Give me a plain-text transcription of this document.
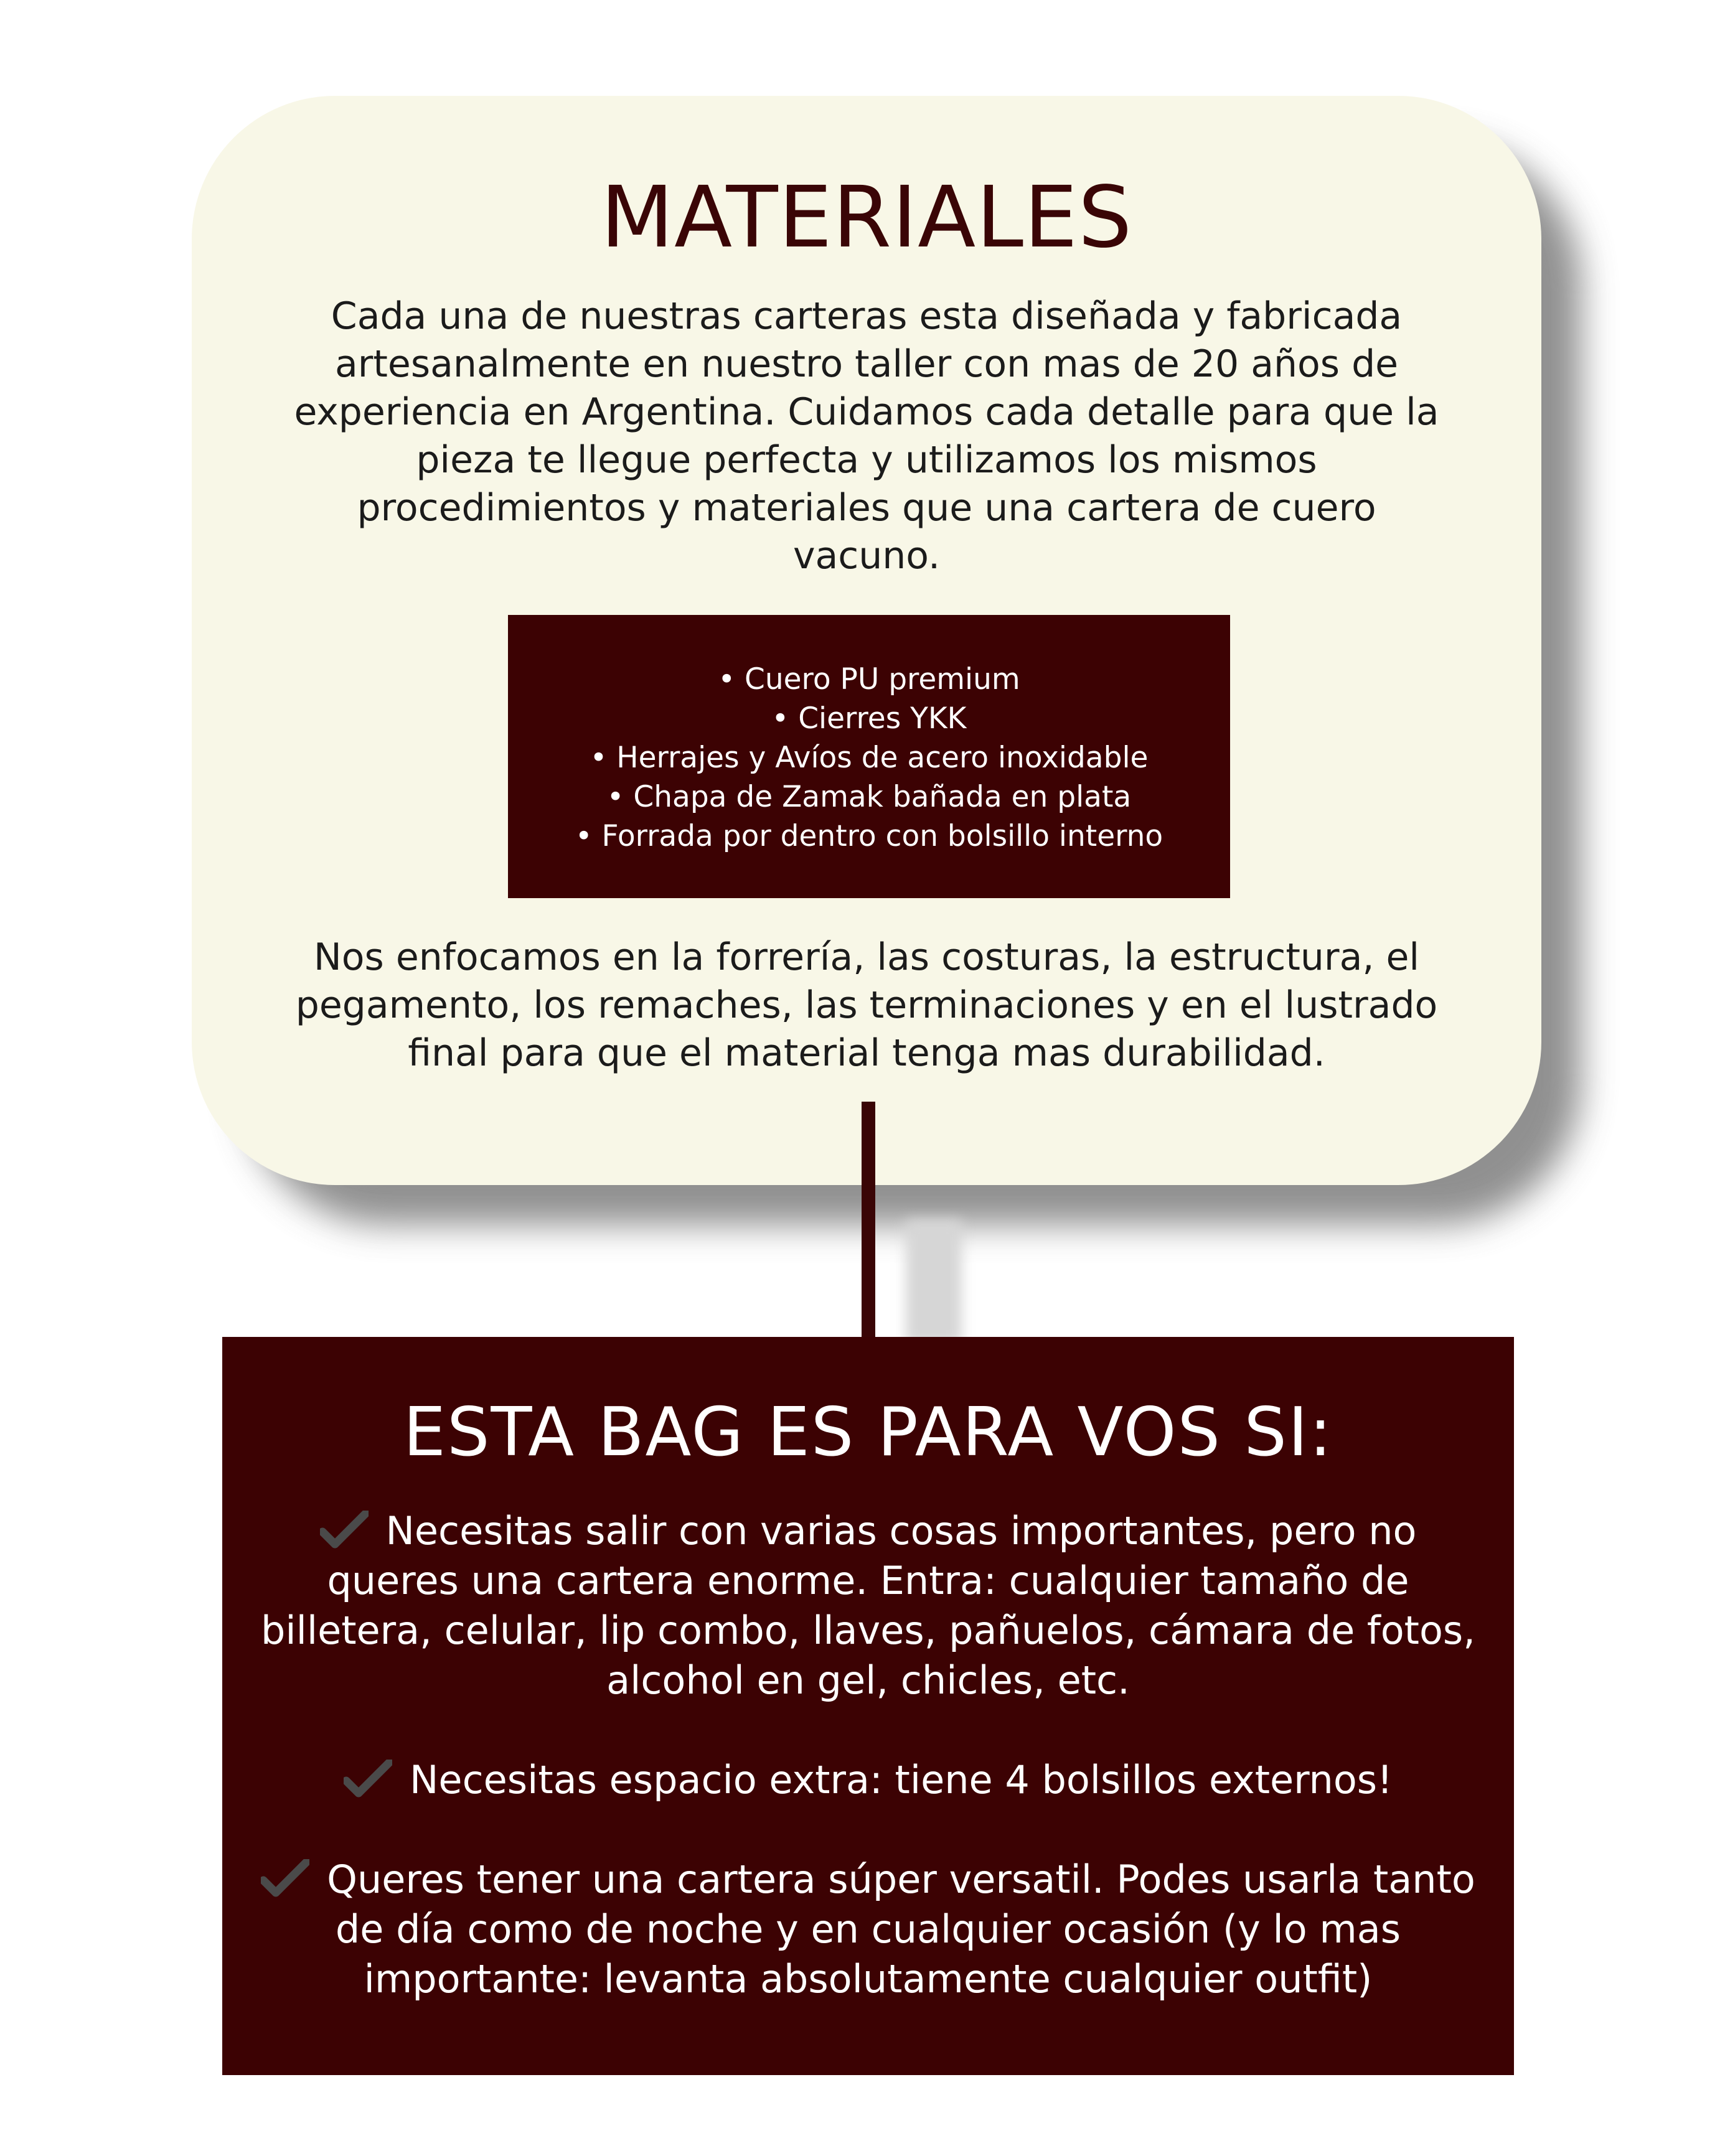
MATERIALES

Cada una de nuestras carteras esta diseñada y fabricada artesanalmente en nuestro taller con mas de 20 años de experiencia en Argentina. Cuidamos cada detalle para que la pieza te llegue perfecta y utilizamos los mismos procedimientos y materiales que una cartera de cuero vacuno.

• Cuero PU premium
• Cierres YKK
• Herrajes y Avíos de acero inoxidable
• Chapa de Zamak bañada en plata
• Forrada por dentro con bolsillo interno

Nos enfocamos en la forrería, las costuras, la estructura, el pegamento, los remaches, las terminaciones y en el lustrado final para que el material tenga mas durabilidad.

ESTA BAG ES PARA VOS SI:

Necesitas salir con varias cosas importantes, pero no queres una cartera enorme. Entra: cualquier tamaño de billetera, celular, lip combo, llaves, pañuelos, cámara de fotos, alcohol en gel, chicles, etc.

Necesitas espacio extra: tiene 4 bolsillos externos!

Queres tener una cartera súper versatil. Podes usarla tanto de día como de noche y en cualquier ocasión (y lo mas importante: levanta absolutamente cualquier outfit)
